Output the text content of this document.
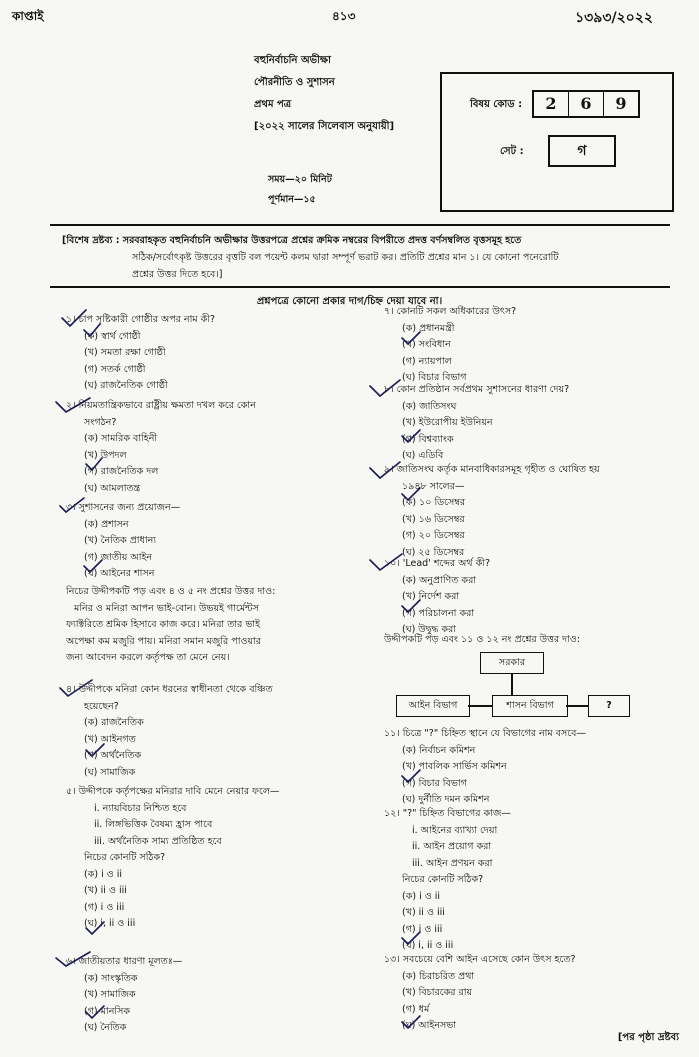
কাপ্তাই	৪১৩	১৩৯৩/২০২২
বহুনির্বাচনি অভীক্ষা
পৌরনীতি ও সুশাসন
প্রথম পত্র
[২০২২ সালের সিলেবাস অনুযায়ী]
সময়—২০ মিনিট
পূর্ণমান—১৫
বিষয় কোড :	2	6	9
সেট :	গ
[বিশেষ দ্রষ্টব্য : সরবরাহকৃত বহুনির্বাচনি অভীক্ষার উত্তরপত্রে প্রশ্নের ক্রমিক নম্বরের বিপরীতে প্রদত্ত বর্ণসম্বলিত বৃত্তসমূহ হতে
সঠিক/সর্বোৎকৃষ্ট উত্তরের বৃত্তটি বল পয়েন্ট কলম দ্বারা সম্পূর্ণ ভরাট কর। প্রতিটি প্রশ্নের মান ১। যে কোনো পনেরোটি
প্রশ্নের উত্তর দিতে হবে।]
প্রশ্নপত্রে কোনো প্রকার দাগ/চিহ্ন দেয়া যাবে না।
১। চাপ সৃষ্টিকারী গোষ্ঠীর অপর নাম কী?
(ক) স্বার্থ গোষ্ঠী
(খ) সমতা রক্ষা গোষ্ঠী
(গ) সতর্ক গোষ্ঠী
(ঘ) রাজনৈতিক গোষ্ঠী
২। নিয়মতান্ত্রিকভাবে রাষ্ট্রীয় ক্ষমতা দখল করে কোন
সংগঠন?
(ক) সামরিক বাহিনী
(খ) উপদল
(গ) রাজনৈতিক দল
(ঘ) আমলাতন্ত্র
৩। সুশাসনের জন্য প্রয়োজন—
(ক) প্রশাসন
(খ) নৈতিক প্রাধান্য
(গ) জাতীয় আইন
(ঘ) আইনের শাসন
নিচের উদ্দীপকটি পড় এবং ৪ ও ৫ নং প্রশ্নের উত্তর দাও:
মনির ও মনিরা আপন ভাই-বোন। উভয়ই গার্মেন্টস
ফ্যাক্টরিতে শ্রমিক হিসাবে কাজ করে। মনিরা তার ভাই
অপেক্ষা কম মজুরি পায়। মনিরা সমান মজুরি পাওয়ার
জন্য আবেদন করলে কর্তৃপক্ষ তা মেনে নেয়।
৪। উদ্দীপকে মনিরা কোন ধরনের স্বাধীনতা থেকে বঞ্চিত
হয়েছেন?
(ক) রাজনৈতিক
(খ) আইনগত
(গ) অর্থনৈতিক
(ঘ) সামাজিক
৫। উদ্দীপকে কর্তৃপক্ষের মনিরার দাবি মেনে নেয়ার ফলে—
i. ন্যায়বিচার নিশ্চিত হবে
ii. লিঙ্গভিত্তিক বৈষম্য হ্রাস পাবে
iii. অর্থনৈতিক সাম্য প্রতিষ্ঠিত হবে
নিচের কোনটি সঠিক?
(ক) i ও ii
(খ) ii ও iii
(গ) i ও iii
(ঘ) i, ii ও iii
৬। জাতীয়তার ধারণা মূলতঃ—
(ক) সাংস্কৃতিক
(খ) সামাজিক
(গ) মানসিক
(ঘ) নৈতিক
৭। কোনটি সকল অধিকারের উৎস?
(ক) প্রধানমন্ত্রী
(খ) সংবিধান
(গ) ন্যায়পাল
(ঘ) বিচার বিভাগ
৮। কোন প্রতিষ্ঠান সর্বপ্রথম সুশাসনের ধারণা দেয়?
(ক) জাতিসংঘ
(খ) ইউরোপীয় ইউনিয়ন
(গ) বিশ্বব্যাংক
(ঘ) এডিবি
৯। জাতিসংঘ কর্তৃক মানবাধিকারসমূহ গৃহীত ও ঘোষিত হয়
১৯৪৮ সালের—
(ক) ১০ ডিসেম্বর
(খ) ১৬ ডিসেম্বর
(গ) ২০ ডিসেম্বর
(ঘ) ২৫ ডিসেম্বর
১০। 'Lead' শব্দের অর্থ কী?
(ক) অনুপ্রাণিত করা
(খ) নির্দেশ করা
(গ) পরিচালনা করা
(ঘ) উদ্বুদ্ধ করা
উদ্দীপকটি পড় এবং ১১ ও ১২ নং প্রশ্নের উত্তর দাও:
সরকার
আইন বিভাগ	শাসন বিভাগ	?
১১। চিত্রে "?" চিহ্নিত স্থানে যে বিভাগের নাম বসবে—
(ক) নির্বাচন কমিশন
(খ) পাবলিক সার্ভিস কমিশন
(গ) বিচার বিভাগ
(ঘ) দুর্নীতি দমন কমিশন
১২। "?" চিহ্নিত বিভাগের কাজ—
i. আইনের ব্যাখ্যা দেয়া
ii. আইন প্রয়োগ করা
iii. আইন প্রণয়ন করা
নিচের কোনটি সঠিক?
(ক) i ও ii
(খ) ii ও iii
(গ) i ও iii
(ঘ) i, ii ও iii
১৩। সবচেয়ে বেশি আইন এসেছে কোন উৎস হতে?
(ক) চিরাচরিত প্রথা
(খ) বিচারকের রায়
(গ) ধর্ম
(ঘ) আইনসভা
[পর পৃষ্ঠা দ্রষ্টব্য
